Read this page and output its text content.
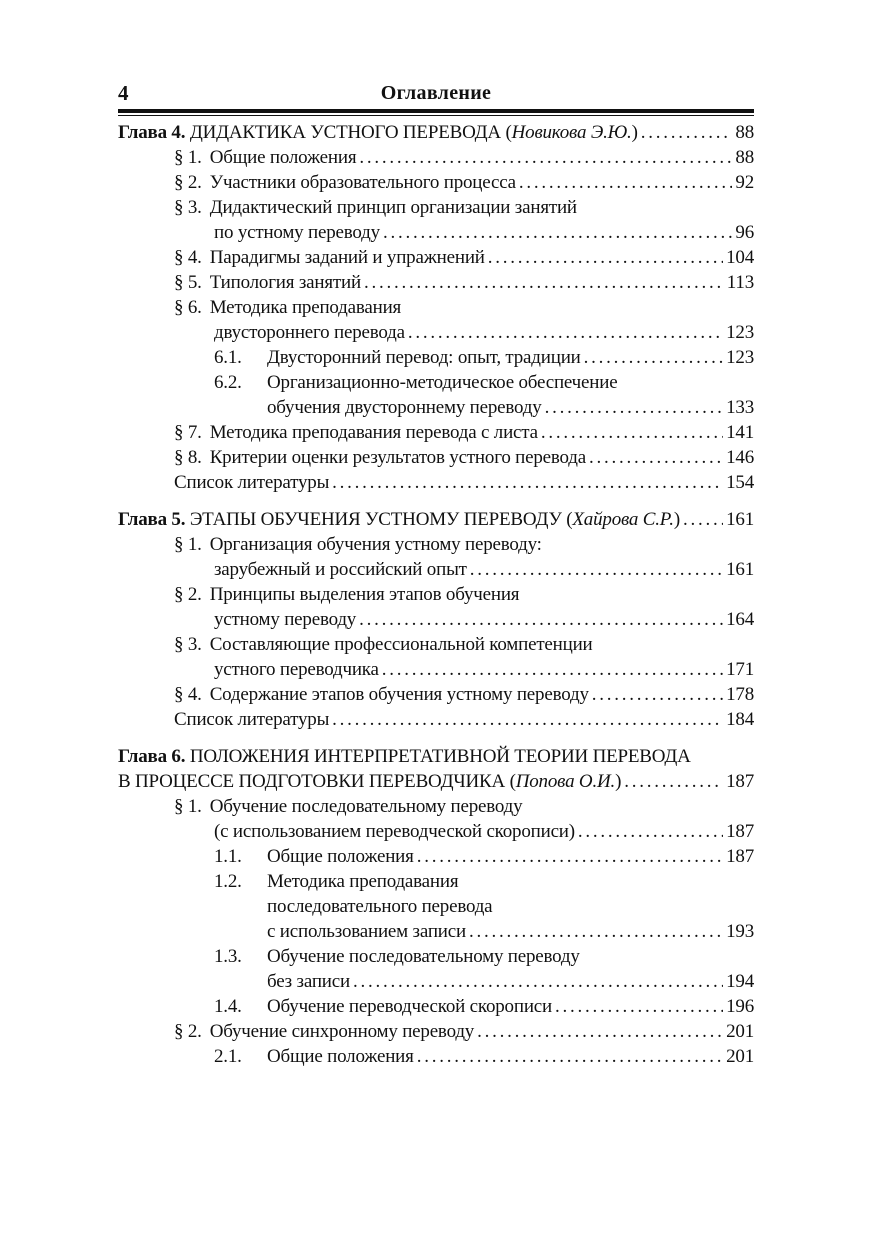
Оглавление
4
Глава 4. ДИДАКТИКА УСТНОГО ПЕРЕВОДА (Новикова Э.Ю.) . . .	88
§ 1. Общие положения . . .	88
§ 2. Участники образовательного процесса . . .	92
§ 3. Дидактический принцип организации занятий
по устному переводу . . .	96
§ 4. Парадигмы заданий и упражнений . . .	104
§ 5. Типология занятий . . .	113
§ 6. Методика преподавания
двустороннего перевода . . .	123
6.1.	Двусторонний перевод: опыт, традиции . . .	123
6.2.	Организационно-методическое обеспечение
обучения двустороннему переводу . . .	133
§ 7. Методика преподавания перевода с листа . . .	141
§ 8. Критерии оценки результатов устного перевода . . .	146
Список литературы . . .	154
Глава 5. ЭТАПЫ ОБУЧЕНИЯ УСТНОМУ ПЕРЕВОДУ (Хайрова С.Р.) . . . 161
§ 1. Организация обучения устному переводу:
зарубежный и российский опыт . . .	161
§ 2. Принципы выделения этапов обучения
устному переводу . . .	164
§ 3. Составляющие профессиональной компетенции
устного переводчика . . .	171
§ 4. Содержание этапов обучения устному переводу . . .	178
Список литературы . . .	184
Глава 6. ПОЛОЖЕНИЯ ИНТЕРПРЕТАТИВНОЙ ТЕОРИИ ПЕРЕВОДА
В ПРОЦЕССЕ ПОДГОТОВКИ ПЕРЕВОДЧИКА (Попова О.И.) . . .	187
§ 1. Обучение последовательному переводу
(с использованием переводческой скорописи) . . .	187
1.1.	Общие положения . . .	187
1.2.	Методика преподавания
последовательного перевода
с использованием записи . . .	193
1.3.	Обучение последовательному переводу
без записи . . .	194
1.4.	Обучение переводческой скорописи . . .	196
§ 2. Обучение синхронному переводу . . .	201
2.1.	Общие положения . . .	201
